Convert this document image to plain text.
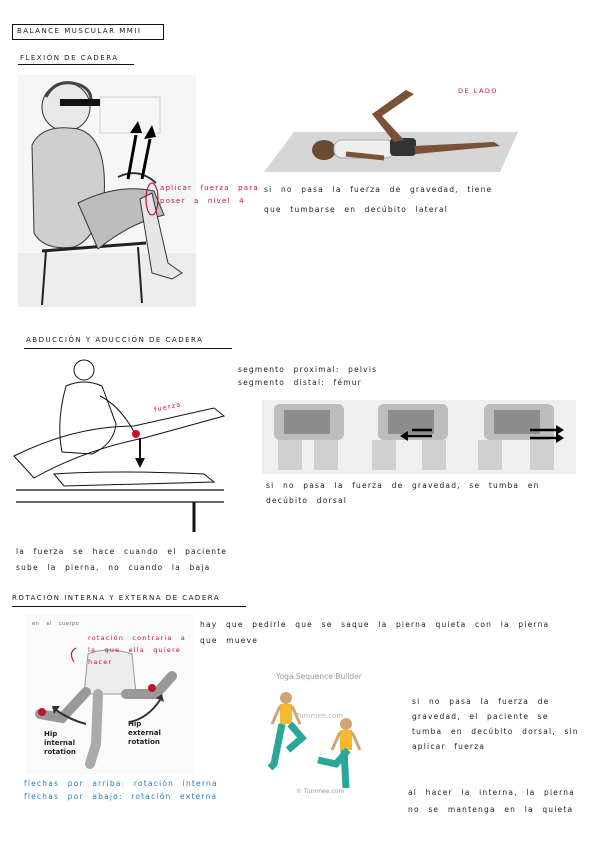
BALANCE MUSCULAR MMII
FLEXIÓN DE CADERA
aplicar fuerza para poser a nivel 4
DE LADO
si no pasa la fuerza de gravedad, tiene que tumbarse en decúbito lateral
ABDUCCIÓN Y ADUCCIÓN DE CADERA
fuerza
segmento proximal: pelvis
segmento distal: fémur
si no pasa la fuerza de gravedad, se tumba en decúbito dorsal
la fuerza se hace cuando el paciente sube la pierna, no cuando la baja
ROTACIÓN INTERNA Y EXTERNA DE CADERA
hay que pedirle que se saque la pierna quieta con la pierna que mueve
en el cuerpo
rotación contraria a la que ella quiere hacer
Hip internal rotation
Hip external rotation
flechas por arriba: rotación interna
flechas por abajo: rotación externa
Yoga Sequence Builder
Tummee.com
© Tummee.com
si no pasa la fuerza de gravedad, el paciente se tumba en decúbito dorsal, sin aplicar fuerza
al hacer la interna, la pierna no se mantenga en la quieta
